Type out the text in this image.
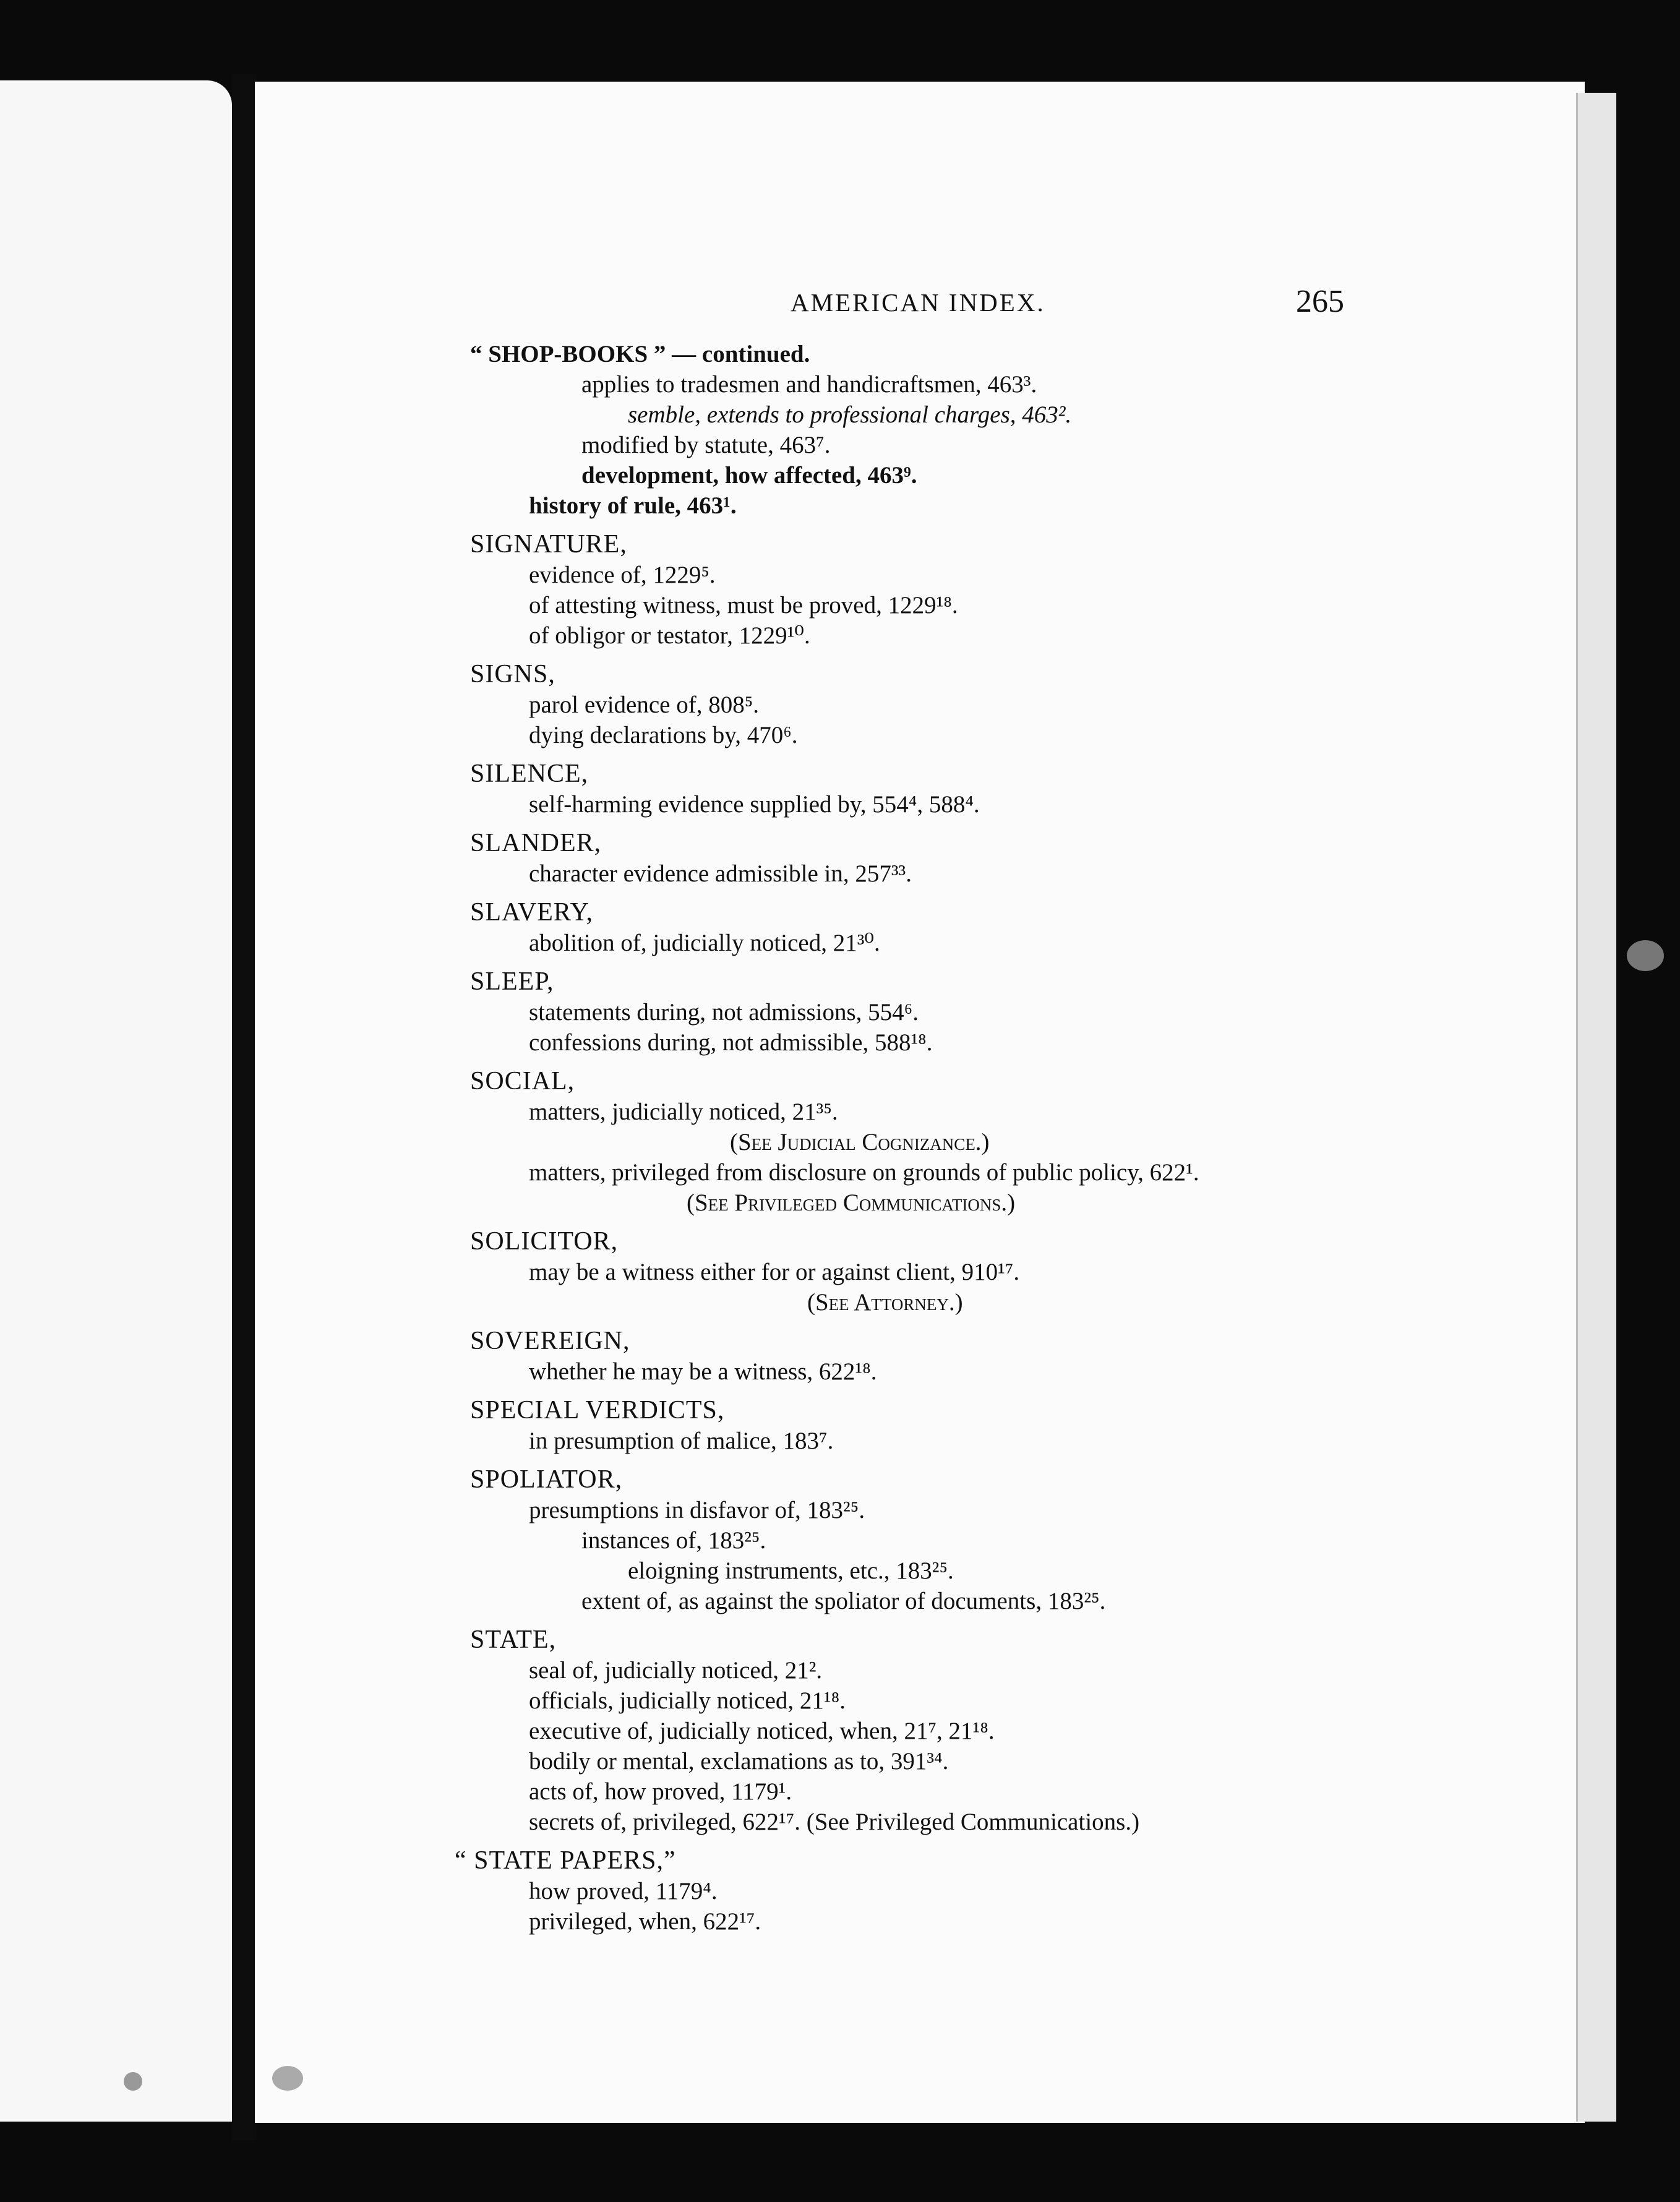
AMERICAN INDEX.	265
“ SHOP-BOOKS ” — continued.
applies to tradesmen and handicraftsmen, 463³.
semble, extends to professional charges, 463².
modified by statute, 463⁷.
development, how affected, 463⁹.
history of rule, 463¹.
SIGNATURE,
evidence of, 1229⁵.
of attesting witness, must be proved, 1229¹⁸.
of obligor or testator, 1229¹⁰.
SIGNS,
parol evidence of, 808⁵.
dying declarations by, 470⁶.
SILENCE,
self-harming evidence supplied by, 554⁴, 588⁴.
SLANDER,
character evidence admissible in, 257³³.
SLAVERY,
abolition of, judicially noticed, 21³⁰.
SLEEP,
statements during, not admissions, 554⁶.
confessions during, not admissible, 588¹⁸.
SOCIAL,
matters, judicially noticed, 21³⁵.
(See Judicial Cognizance.)
matters, privileged from disclosure on grounds of public policy, 622¹.
(See Privileged Communications.)
SOLICITOR,
may be a witness either for or against client, 910¹⁷.
(See Attorney.)
SOVEREIGN,
whether he may be a witness, 622¹⁸.
SPECIAL VERDICTS,
in presumption of malice, 183⁷.
SPOLIATOR,
presumptions in disfavor of, 183²⁵.
instances of, 183²⁵.
eloigning instruments, etc., 183²⁵.
extent of, as against the spoliator of documents, 183²⁵.
STATE,
seal of, judicially noticed, 21².
officials, judicially noticed, 21¹⁸.
executive of, judicially noticed, when, 21⁷, 21¹⁸.
bodily or mental, exclamations as to, 391³⁴.
acts of, how proved, 1179¹.
secrets of, privileged, 622¹⁷. (See Privileged Communications.)
“ STATE PAPERS,”
how proved, 1179⁴.
privileged, when, 622¹⁷.
